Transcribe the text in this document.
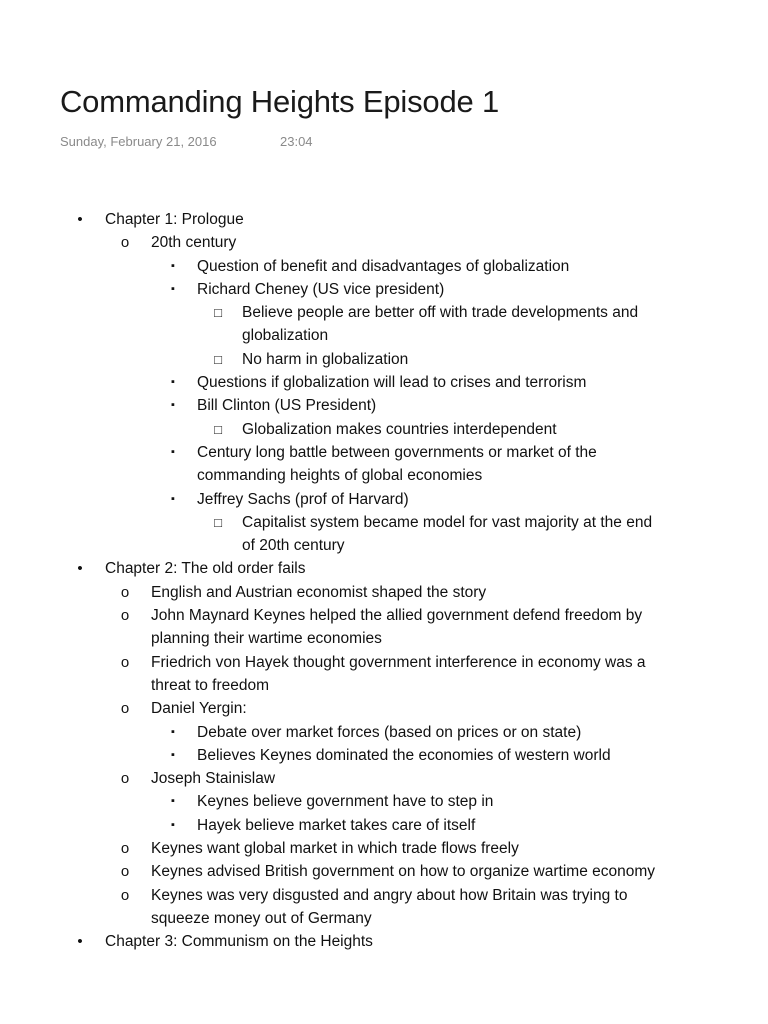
Commanding Heights Episode 1
Sunday, February 21, 2016	23:04
•	Chapter 1: Prologue
o	20th century
▪	Question of benefit and disadvantages of globalization
▪	Richard Cheney (US vice president)
□	Believe people are better off with trade developments and
globalization
□	No harm in globalization
▪	Questions if globalization will lead to crises and terrorism
▪	Bill Clinton (US President)
□	Globalization makes countries interdependent
▪	Century long battle between governments or market of the
commanding heights of global economies
▪	Jeffrey Sachs (prof of Harvard)
□	Capitalist system became model for vast majority at the end
of 20th century
•	Chapter 2: The old order fails
o	English and Austrian economist shaped the story
o	John Maynard Keynes helped the allied government defend freedom by
planning their wartime economies
o	Friedrich von Hayek thought government interference in economy was a
threat to freedom
o	Daniel Yergin:
▪	Debate over market forces (based on prices or on state)
▪	Believes Keynes dominated the economies of western world
o	Joseph Stainislaw
▪	Keynes believe government have to step in
▪	Hayek believe market takes care of itself
o	Keynes want global market in which trade flows freely
o	Keynes advised British government on how to organize wartime economy
o	Keynes was very disgusted and angry about how Britain was trying to
squeeze money out of Germany
•	Chapter 3: Communism on the Heights
